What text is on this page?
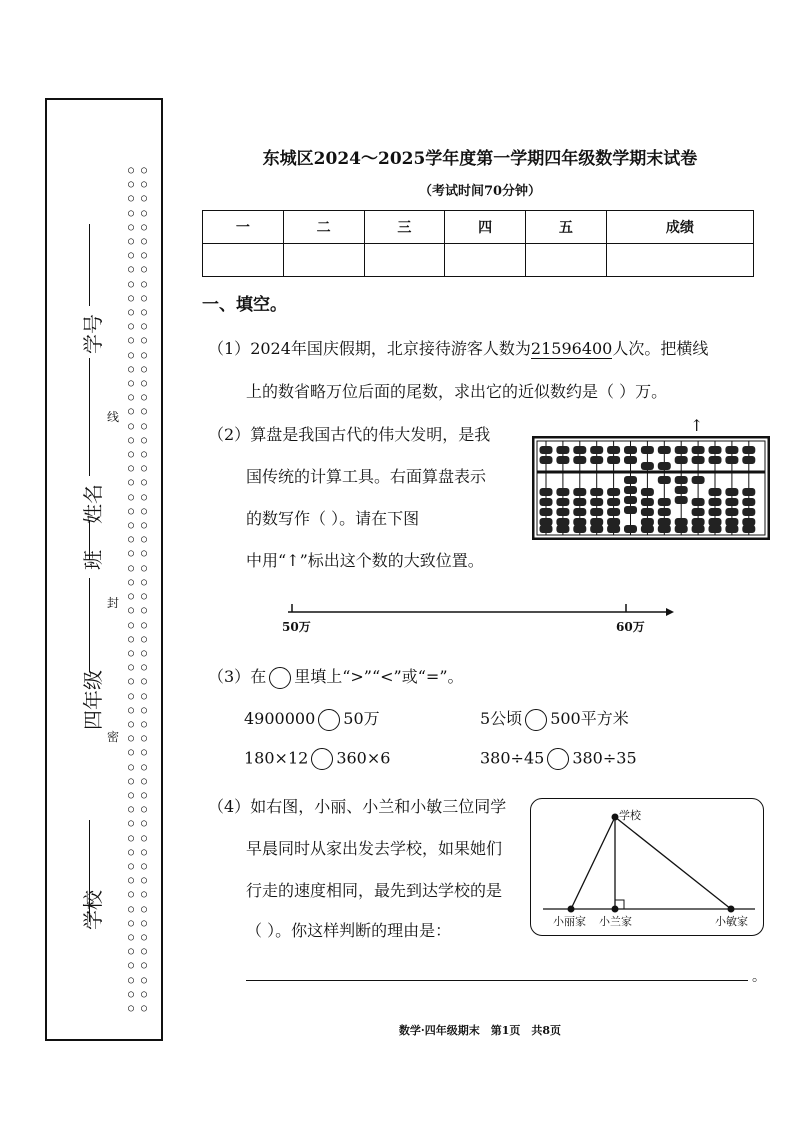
○
○
○
○
○
○
○
○
○
○
○
○
○
○
○
○
○
○
○
○
○
○
○
○
○
○
○
○
○
○
○
○
○
○
○
○
○
○
○
○
○
○
○
○
○
○
○
○
○
○
○
○
○
○
○
○
○
○
○
○
○
○
○
○
○
○
○
○
○
○
○
○
○
○
○
○
○
○
○
○
○
○
○
○
○
○
○
○
○
○
○
○
○
○
○
○
○
○
○
○
○
○
○
○
○
○
○
○
○
○
○
○
○
○
○
○
○
○
○
○
线
封
密
学校
四年级
班
姓名
学号
东城区2024～2025学年度第一学期四年级数学期末试卷
（考试时间70分钟）
一	二	三	四	五	成绩

一、填空。
（1）2024年国庆假期，北京接待游客人数为21596400人次。把横线
上的数省略万位后面的尾数，求出它的近似数约是（ ）万。
（2）算盘是我国古代的伟大发明，是我
国传统的计算工具。右面算盘表示
的数写作（ ）。请在下图
中用“↑”标出这个数的大致位置。
↑
50万	60万
（3）在 里填上“>”“<”或“=”。
4900000 50万	5公顷 500平方米
180×12 360×6	380÷45 380÷35
（4）如右图，小丽、小兰和小敏三位同学
早晨同时从家出发去学校，如果她们
行走的速度相同，最先到达学校的是
（ ）。你这样判断的理由是：
。
学校
小丽家 小兰家	小敏家
数学·四年级期末　第1页　共8页
